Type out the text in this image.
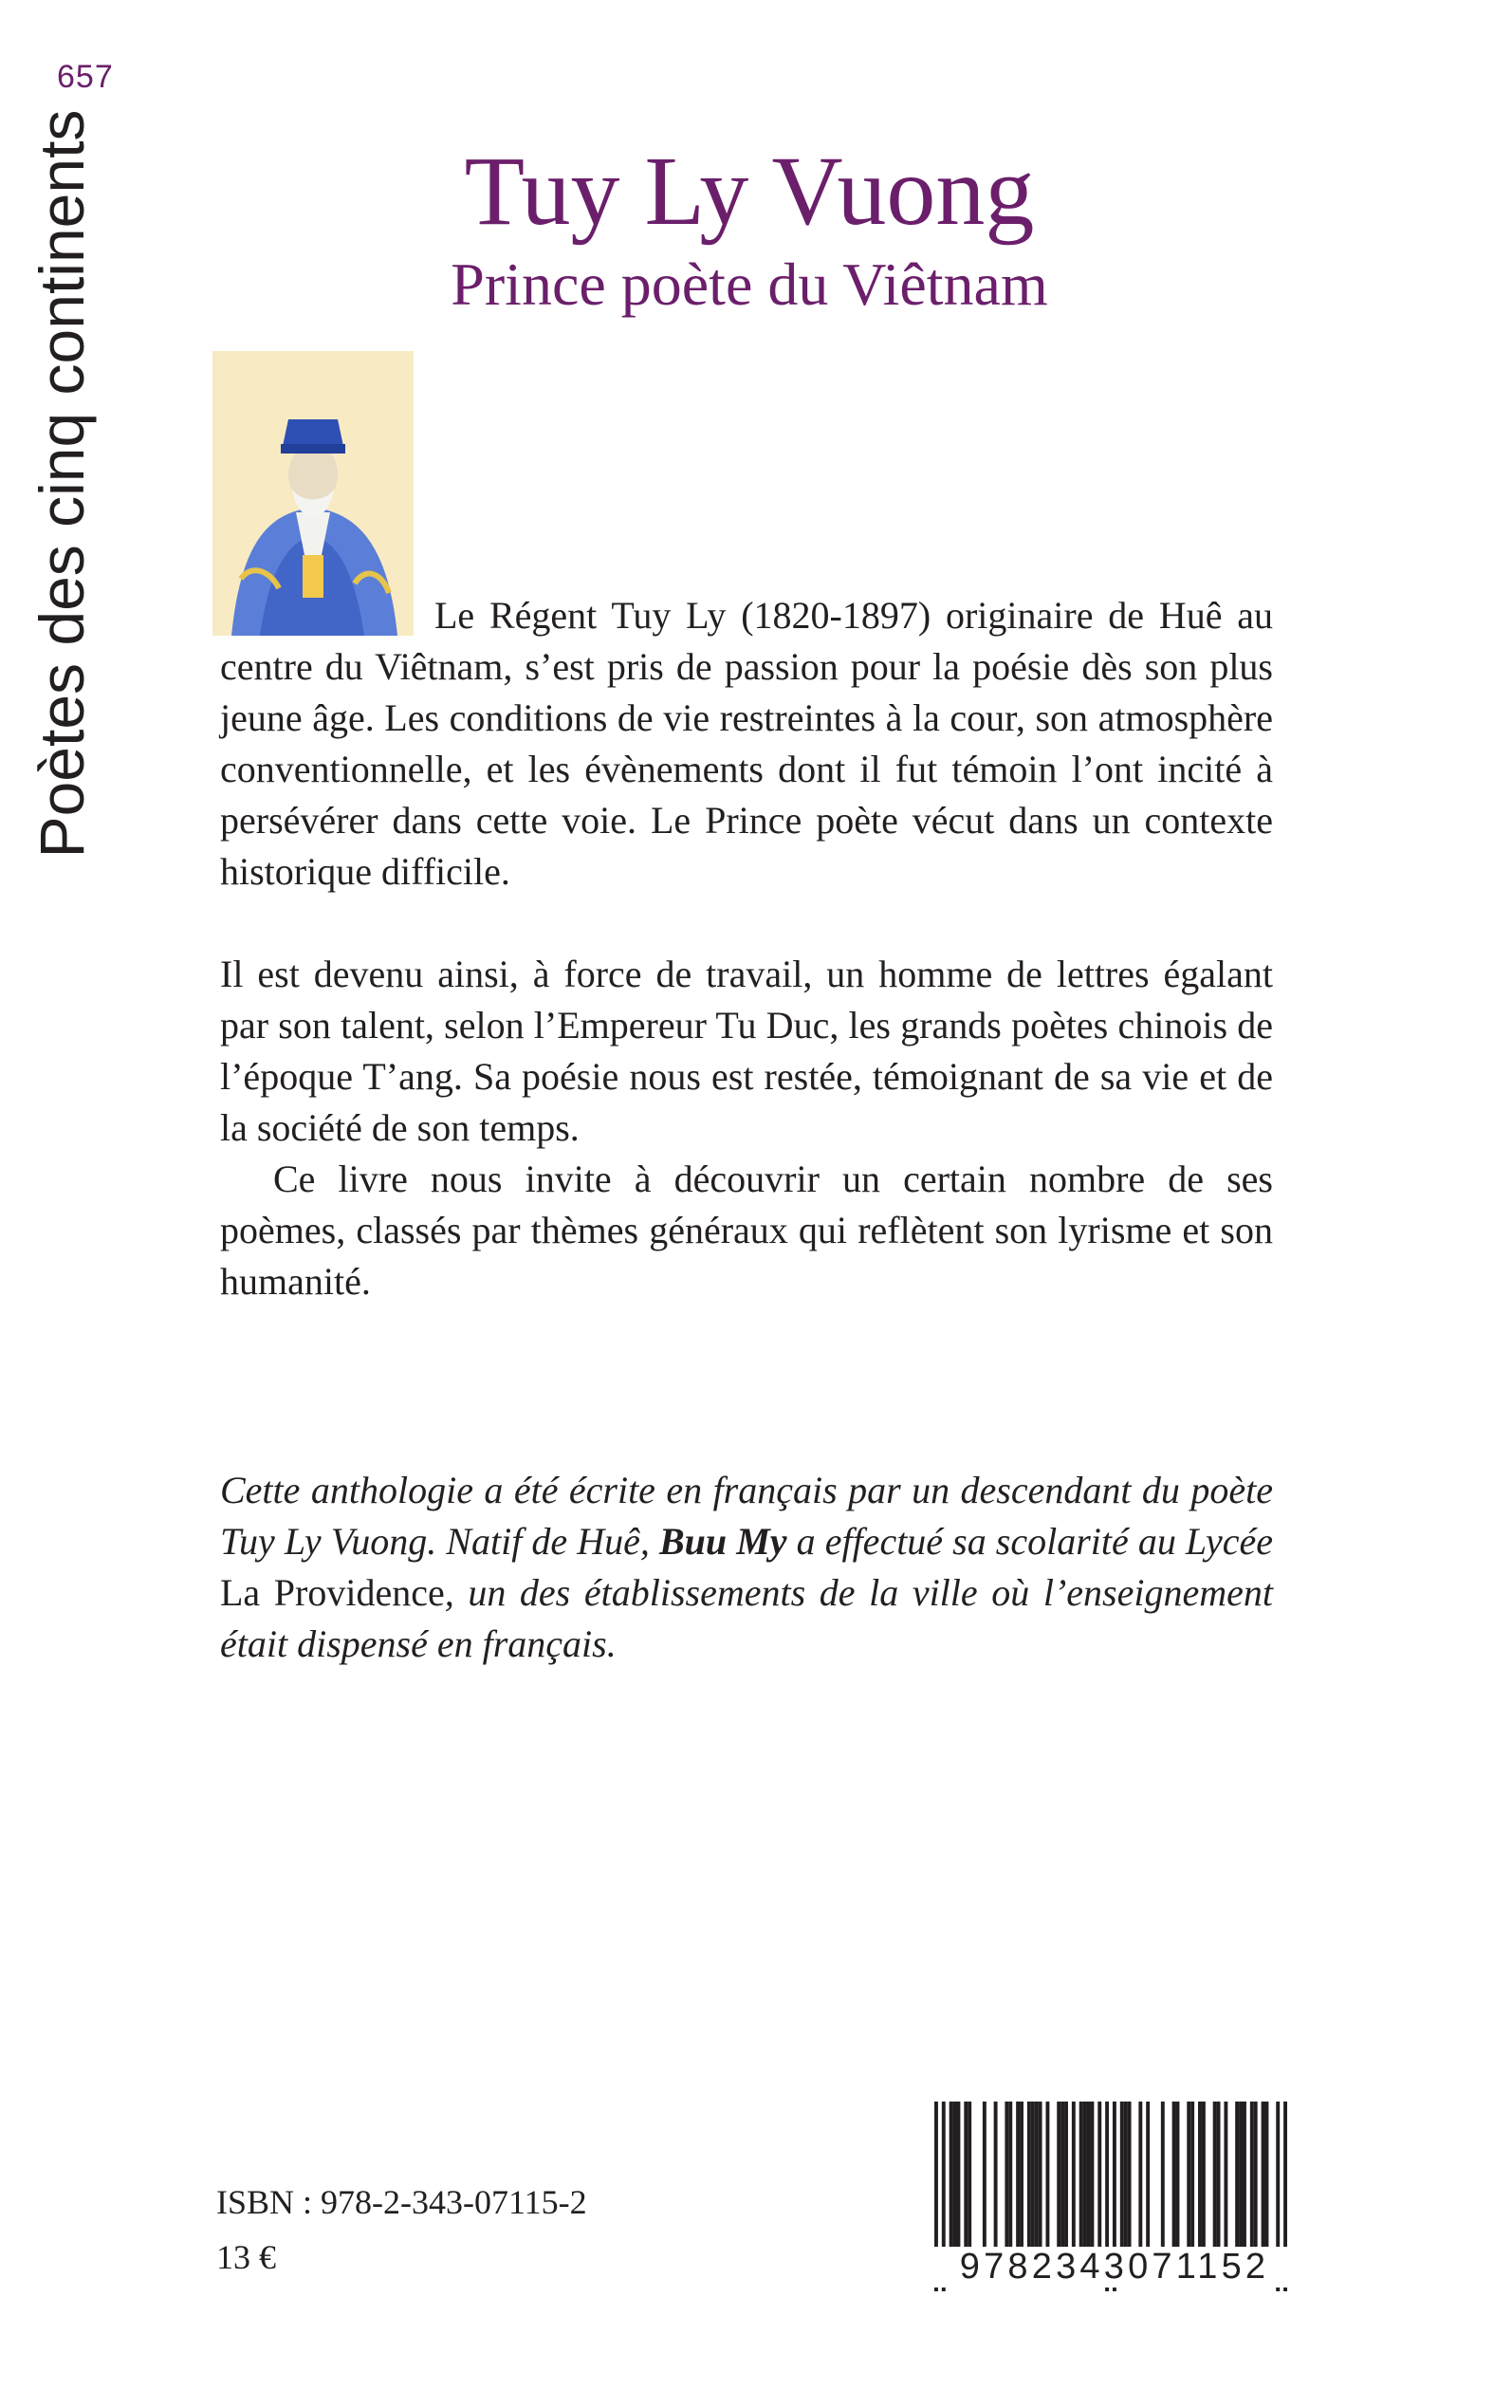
657
Poètes des cinq continents	Tuy Ly Vuong
Prince poète du Viêtnam

Le Régent Tuy Ly (1820-1897) originaire de Huê au centre du Viêtnam, s’est pris de passion pour la poésie dès son plus jeune âge. Les conditions de vie restreintes à la cour, son atmosphère conventionnelle, et les évènements dont il fut témoin l’ont incité à persévérer dans cette voie. Le Prince poète vécut dans un contexte historique difficile.

Il est devenu ainsi, à force de travail, un homme de lettres égalant par son talent, selon l’Empereur Tu Duc, les grands poètes chinois de l’époque T’ang. Sa poésie nous est restée, témoignant de sa vie et de la société de son temps.

Ce livre nous invite à découvrir un certain nombre de ses poèmes, classés par thèmes généraux qui reflètent son lyrisme et son humanité.

Cette anthologie a été écrite en français par un descendant du poète Tuy Ly Vuong. Natif de Huê, Buu My a effectué sa scolarité au Lycée La Providence, un des établissements de la ville où l’enseignement était dispensé en français.
ISBN : 978-2-343-07115-2
13 €	9782343071152
